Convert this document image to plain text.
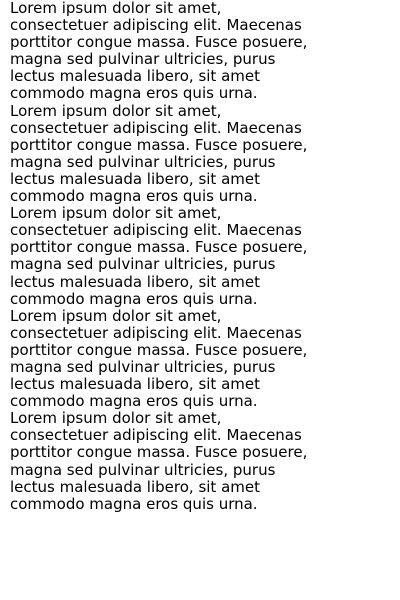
Lorem ipsum dolor sit amet,
consectetuer adipiscing elit. Maecenas
porttitor congue massa. Fusce posuere,
magna sed pulvinar ultricies, purus
lectus malesuada libero, sit amet
commodo magna eros quis urna.

Lorem ipsum dolor sit amet,
consectetuer adipiscing elit. Maecenas
porttitor congue massa. Fusce posuere,
magna sed pulvinar ultricies, purus
lectus malesuada libero, sit amet
commodo magna eros quis urna.

Lorem ipsum dolor sit amet,
consectetuer adipiscing elit. Maecenas
porttitor congue massa. Fusce posuere,
magna sed pulvinar ultricies, purus
lectus malesuada libero, sit amet
commodo magna eros quis urna.

Lorem ipsum dolor sit amet,
consectetuer adipiscing elit. Maecenas
porttitor congue massa. Fusce posuere,
magna sed pulvinar ultricies, purus
lectus malesuada libero, sit amet
commodo magna eros quis urna.

Lorem ipsum dolor sit amet,
consectetuer adipiscing elit. Maecenas
porttitor congue massa. Fusce posuere,
magna sed pulvinar ultricies, purus
lectus malesuada libero, sit amet
commodo magna eros quis urna.
